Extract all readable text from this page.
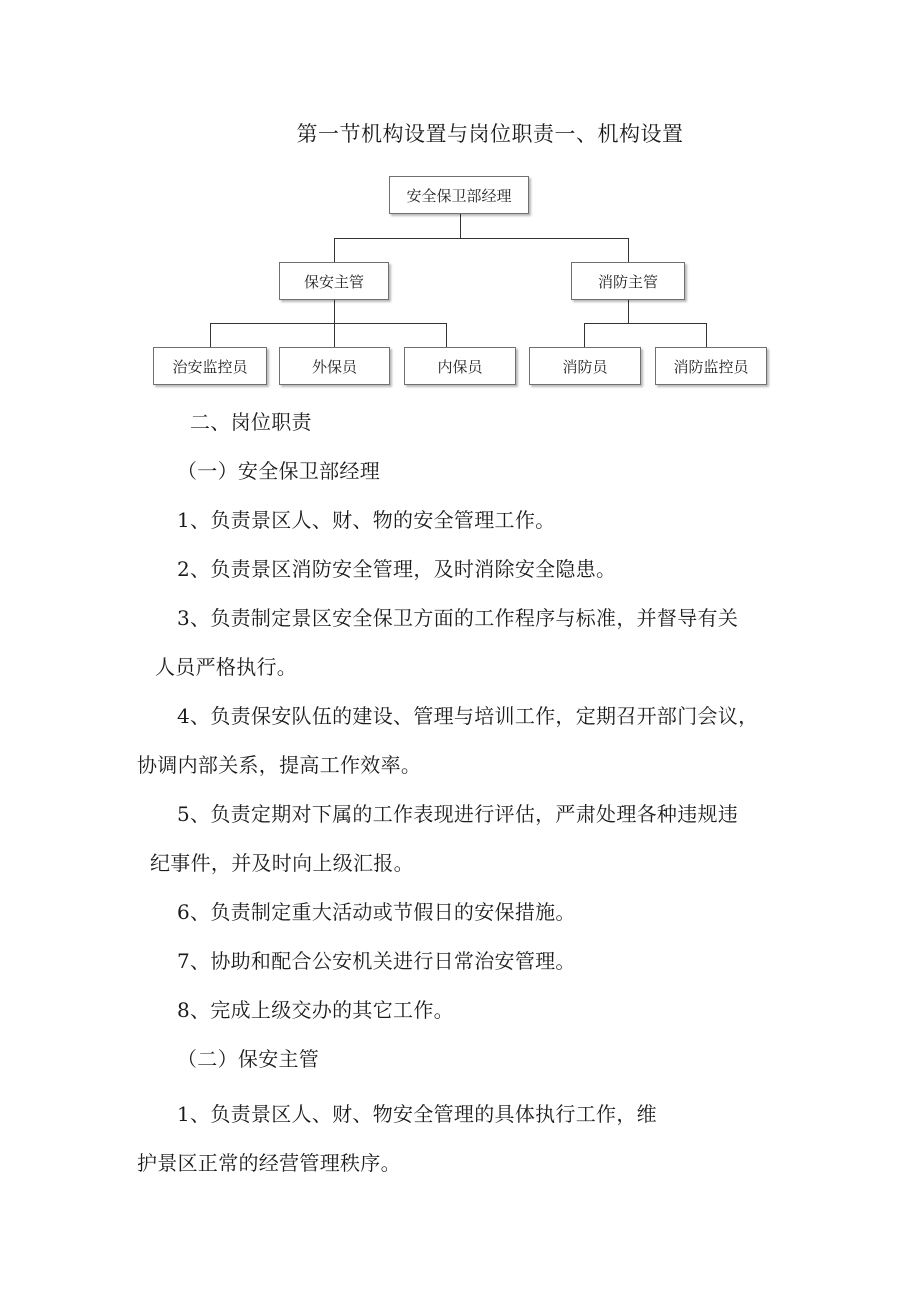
第一节机构设置与岗位职责一、机构设置
安全保卫部经理
保安主管	消防主管
治安监控员	外保员	内保员	消防员	消防监控员
二、岗位职责
（一）安全保卫部经理
1、负责景区人、财、物的安全管理工作。
2、负责景区消防安全管理，及时消除安全隐患。
3、负责制定景区安全保卫方面的工作程序与标准，并督导有关
人员严格执行。
4、负责保安队伍的建设、管理与培训工作，定期召开部门会议，
协调内部关系，提高工作效率。
5、负责定期对下属的工作表现进行评估，严肃处理各种违规违
纪事件，并及时向上级汇报。
6、负责制定重大活动或节假日的安保措施。
7、协助和配合公安机关进行日常治安管理。
8、完成上级交办的其它工作。
（二）保安主管
1、负责景区人、财、物安全管理的具体执行工作，维
护景区正常的经营管理秩序。
